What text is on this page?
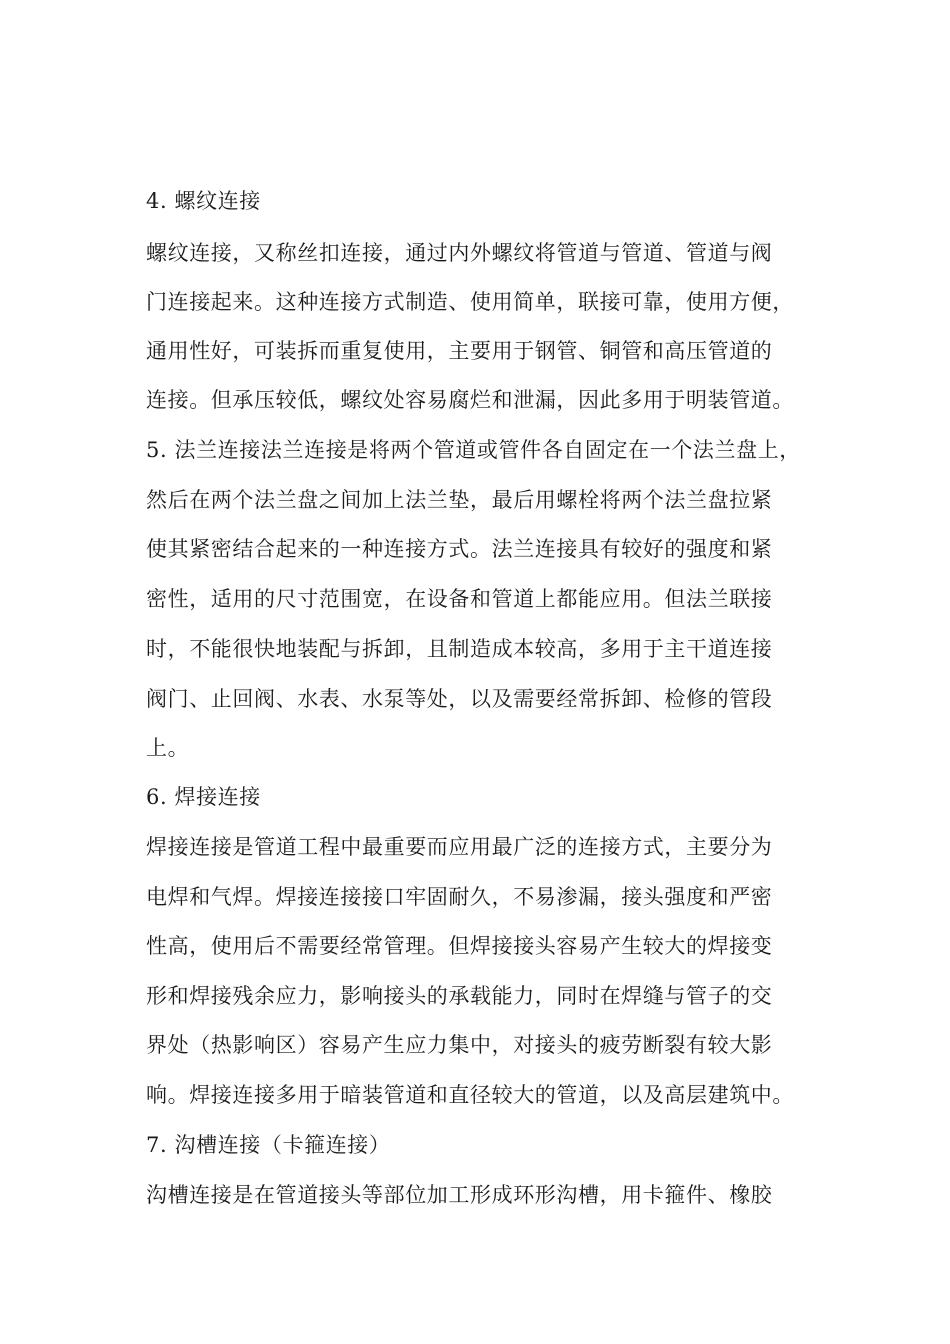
4. 螺纹连接
螺纹连接，又称丝扣连接，通过内外螺纹将管道与管道、管道与阀
门连接起来。这种连接方式制造、使用简单，联接可靠，使用方便，
通用性好，可装拆而重复使用，主要用于钢管、铜管和高压管道的
连接。但承压较低，螺纹处容易腐烂和泄漏，因此多用于明装管道。
5. 法兰连接法兰连接是将两个管道或管件各自固定在一个法兰盘上，
然后在两个法兰盘之间加上法兰垫，最后用螺栓将两个法兰盘拉紧
使其紧密结合起来的一种连接方式。法兰连接具有较好的强度和紧
密性，适用的尺寸范围宽，在设备和管道上都能应用。但法兰联接
时，不能很快地装配与拆卸，且制造成本较高，多用于主干道连接
阀门、止回阀、水表、水泵等处，以及需要经常拆卸、检修的管段
上。
6. 焊接连接
焊接连接是管道工程中最重要而应用最广泛的连接方式，主要分为
电焊和气焊。焊接连接接口牢固耐久，不易渗漏，接头强度和严密
性高，使用后不需要经常管理。但焊接接头容易产生较大的焊接变
形和焊接残余应力，影响接头的承载能力，同时在焊缝与管子的交
界处（热影响区）容易产生应力集中，对接头的疲劳断裂有较大影
响。焊接连接多用于暗装管道和直径较大的管道，以及高层建筑中。
7. 沟槽连接（卡箍连接）
沟槽连接是在管道接头等部位加工形成环形沟槽，用卡箍件、橡胶
